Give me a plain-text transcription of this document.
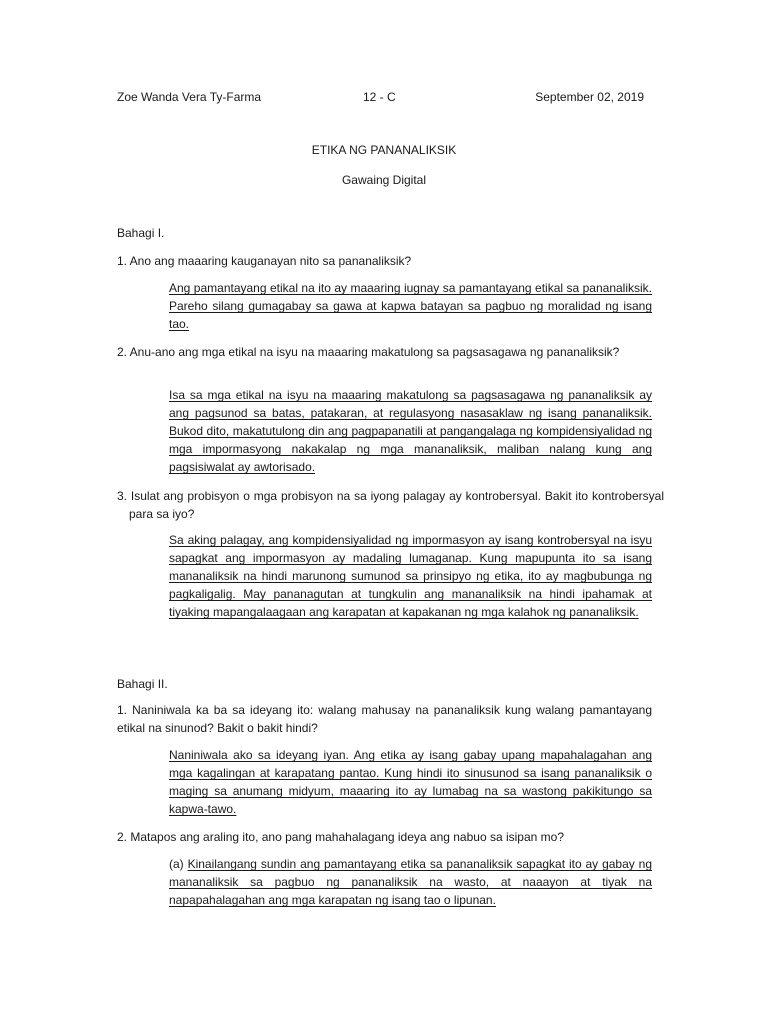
Zoe Wanda Vera Ty-Farma	12 - C	September 02, 2019
ETIKA NG PANANALIKSIK
Gawaing Digital
Bahagi I.
1. Ano ang maaaring kauganayan nito sa pananaliksik?
Ang pamantayang etikal na ito ay maaaring iugnay sa pamantayang etikal sa pananaliksik. Pareho silang gumagabay sa gawa at kapwa batayan sa pagbuo ng moralidad ng isang tao.
2. Anu-ano ang mga etikal na isyu na maaaring makatulong sa pagsasagawa ng pananaliksik?
Isa sa mga etikal na isyu na maaaring makatulong sa pagsasagawa ng pananaliksik ay ang pagsunod sa batas, patakaran, at regulasyong nasasaklaw ng isang pananaliksik. Bukod dito, makatutulong din ang pagpapanatili at pangangalaga ng kompidensiyalidad ng mga impormasyong nakakalap ng mga mananaliksik, maliban nalang kung ang pagsisiwalat ay awtorisado.
3. Isulat ang probisyon o mga probisyon na sa iyong palagay ay kontrobersyal. Bakit ito kontrobersyal para sa iyo?
Sa aking palagay, ang kompidensiyalidad ng impormasyon ay isang kontrobersyal na isyu sapagkat ang impormasyon ay madaling lumaganap. Kung mapupunta ito sa isang mananaliksik na hindi marunong sumunod sa prinsipyo ng etika, ito ay magbubunga ng pagkaligalig. May pananagutan at tungkulin ang mananaliksik na hindi ipahamak at tiyaking mapangalaagaan ang karapatan at kapakanan ng mga kalahok ng pananaliksik.
Bahagi II.
1. Naniniwala ka ba sa ideyang ito: walang mahusay na pananaliksik kung walang pamantayang etikal na sinunod? Bakit o bakit hindi?
Naniniwala ako sa ideyang iyan. Ang etika ay isang gabay upang mapahalagahan ang mga kagalingan at karapatang pantao. Kung hindi ito sinusunod sa isang pananaliksik o maging sa anumang midyum, maaaring ito ay lumabag na sa wastong pakikitungo sa kapwa-tawo.
2. Matapos ang araling ito, ano pang mahahalagang ideya ang nabuo sa isipan mo?
(a) Kinailangang sundin ang pamantayang etika sa pananaliksik sapagkat ito ay gabay ng mananaliksik sa pagbuo ng pananaliksik na wasto, at naaayon at tiyak na napapahalagahan ang mga karapatan ng isang tao o lipunan.
